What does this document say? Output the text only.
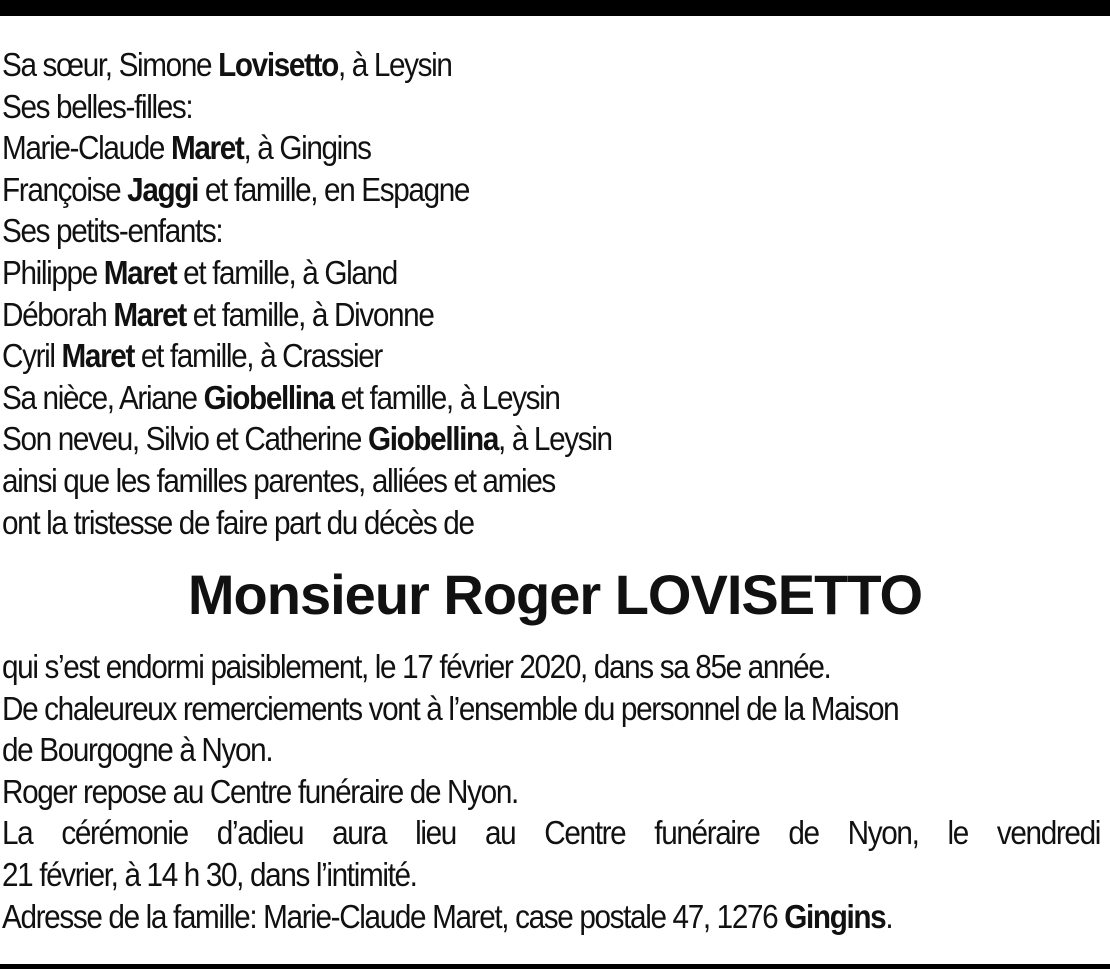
Sa sœur, Simone Lovisetto, à Leysin
Ses belles-filles:
Marie-Claude Maret, à Gingins
Françoise Jaggi et famille, en Espagne
Ses petits-enfants:
Philippe Maret et famille, à Gland
Déborah Maret et famille, à Divonne
Cyril Maret et famille, à Crassier
Sa nièce, Ariane Giobellina et famille, à Leysin
Son neveu, Silvio et Catherine Giobellina, à Leysin
ainsi que les familles parentes, alliées et amies
ont la tristesse de faire part du décès de
Monsieur Roger LOVISETTO
qui s’est endormi paisiblement, le 17 février 2020, dans sa 85e année.
De chaleureux remerciements vont à l’ensemble du personnel de la Maison
de Bourgogne à Nyon.
Roger repose au Centre funéraire de Nyon.
La cérémonie d’adieu aura lieu au Centre funéraire de Nyon, le vendredi
21 février, à 14 h 30, dans l’intimité.
Adresse de la famille: Marie-Claude Maret, case postale 47, 1276 Gingins.
